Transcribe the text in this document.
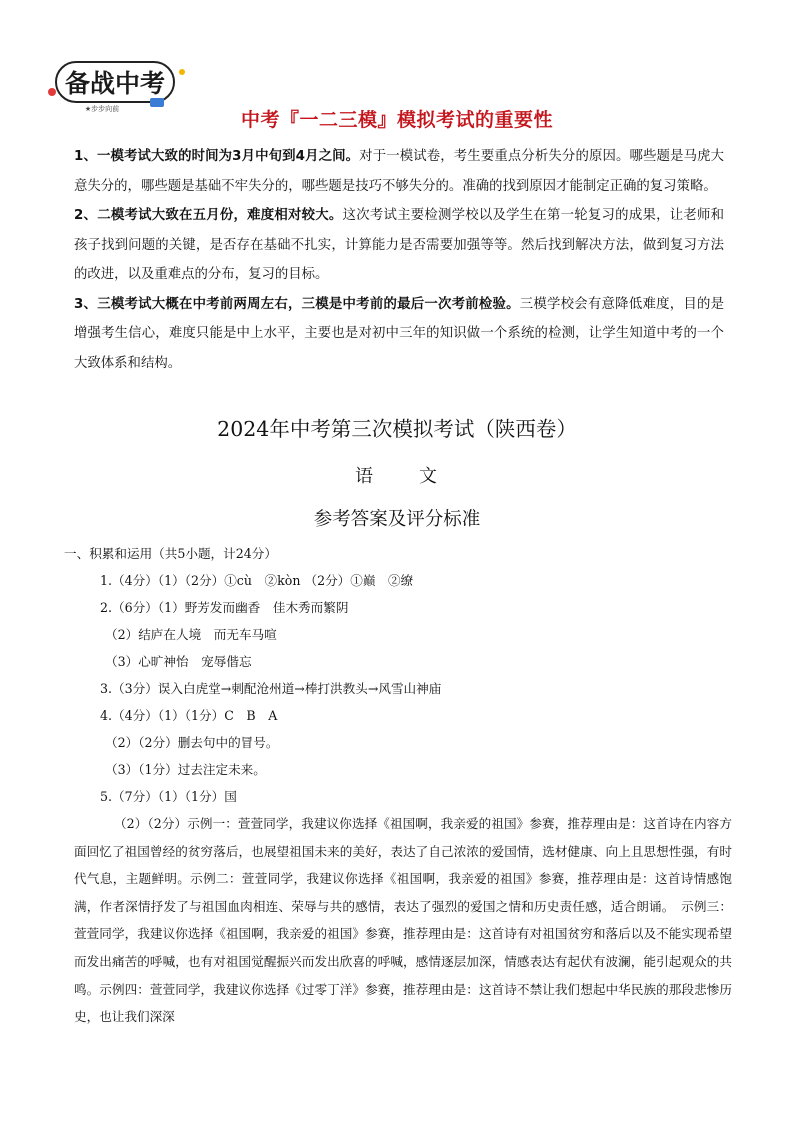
备战中考
★步步向前	中考『一二三模』模拟考试的重要性

1、一模考试大致的时间为3月中旬到4月之间。对于一模试卷，考生要重点分析失分的原因。哪些题是马虎大意失分的，哪些题是基础不牢失分的，哪些题是技巧不够失分的。准确的找到原因才能制定正确的复习策略。

2、二模考试大致在五月份，难度相对较大。这次考试主要检测学校以及学生在第一轮复习的成果，让老师和孩子找到问题的关键，是否存在基础不扎实，计算能力是否需要加强等等。然后找到解决方法，做到复习方法的改进，以及重难点的分布，复习的目标。

3、三模考试大概在中考前两周左右，三模是中考前的最后一次考前检验。三模学校会有意降低难度，目的是增强考生信心，难度只能是中上水平，主要也是对初中三年的知识做一个系统的检测，让学生知道中考的一个大致体系和结构。

2024年中考第三次模拟考试（陕西卷）
语 文
参考答案及评分标准
一、积累和运用（共5小题，计24分）
1.（4分）（1）（2分）①cù　②kòn （2分）①巅　②缭
2.（6分）（1）野芳发而幽香　佳木秀而繁阴
（2）结庐在人境　而无车马喧
（3）心旷神怡　宠辱偕忘
3.（3分）误入白虎堂→刺配沧州道→棒打洪教头→风雪山神庙
4.（4分）（1）（1分）C　B　A
（2）（2分）删去句中的冒号。
（3）（1分）过去注定未来。
5.（7分）（1）（1分）国

（2）（2分）示例一：萱萱同学，我建议你选择《祖国啊，我亲爱的祖国》参赛，推荐理由是：这首诗在内容方面回忆了祖国曾经的贫穷落后，也展望祖国未来的美好，表达了自己浓浓的爱国情，选材健康、向上且思想性强，有时代气息，主题鲜明。示例二：萱萱同学，我建议你选择《祖国啊，我亲爱的祖国》参赛，推荐理由是：这首诗情感饱满，作者深情抒发了与祖国血肉相连、荣辱与共的感情，表达了强烈的爱国之情和历史责任感，适合朗诵。　示例三：萱萱同学，我建议你选择《祖国啊，我亲爱的祖国》参赛，推荐理由是：这首诗有对祖国贫穷和落后以及不能实现希望而发出痛苦的呼喊，也有对祖国觉醒振兴而发出欣喜的呼喊，感情逐层加深，情感表达有起伏有波澜，能引起观众的共鸣。示例四：萱萱同学，我建议你选择《过零丁洋》参赛，推荐理由是：这首诗不禁让我们想起中华民族的那段悲惨历史，也让我们深深
